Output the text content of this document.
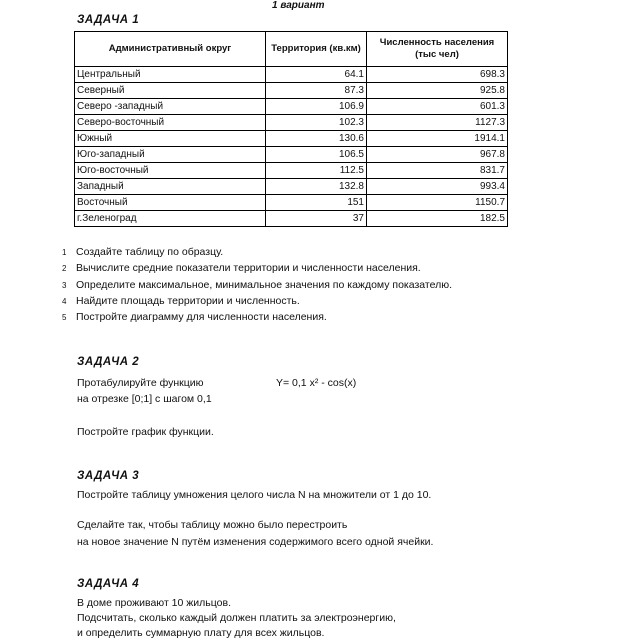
1 вариант
ЗАДАЧА 1
Административный округ	Территория (кв.км)	Численность населения (тыс чел)
Центральный	64.1	698.3
Северный	87.3	925.8
Северо -западный	106.9	601.3
Северо-восточный	102.3	1127.3
Южный	130.6	1914.1
Юго-западный	106.5	967.8
Юго-восточный	112.5	831.7
Западный	132.8	993.4
Восточный	151	1150.7
г.Зеленоград	37	182.5
1 Создайте таблицу по образцу.
2 Вычислите средние показатели территории и численности населения.
3 Определите максимальное, минимальное значения по каждому показателю.
4 Найдите площадь территории и численность.
5 Постройте диаграмму для численности населения.
ЗАДАЧА 2
Протабулируйте функцию	Y= 0,1 x² - cos(x)
на отрезке [0;1] с шагом 0,1
Постройте график функции.
ЗАДАЧА 3
Постройте таблицу умножения целого числа N на множители от 1 до 10.
Сделайте так, чтобы таблицу можно было перестроить
на новое значение N путём изменения содержимого всего одной ячейки.
ЗАДАЧА 4
В доме проживают 10 жильцов.
Подсчитать, сколько каждый должен платить за электроэнергию,
и определить суммарную плату для всех жильцов.
